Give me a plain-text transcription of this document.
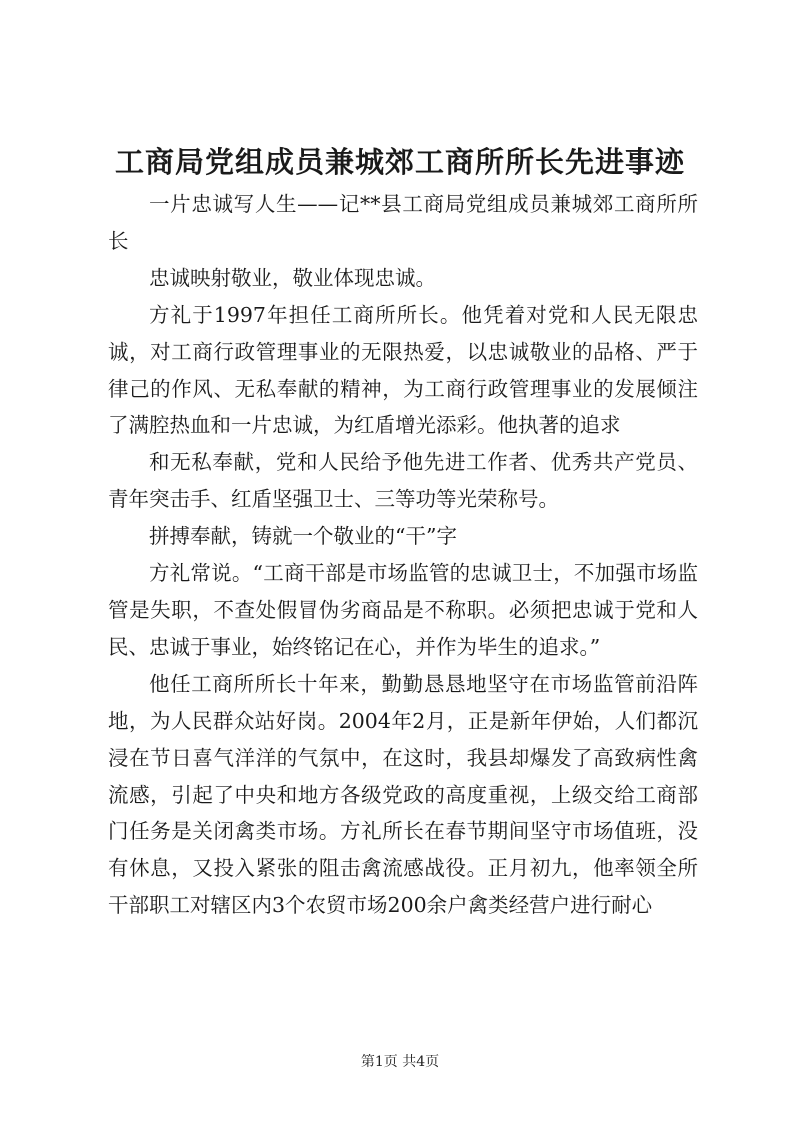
工商局党组成员兼城郊工商所所长先进事迹

一片忠诚写人生——记**县工商局党组成员兼城郊工商所所长

忠诚映射敬业，敬业体现忠诚。

方礼于1997年担任工商所所长。他凭着对党和人民无限忠诚，对工商行政管理事业的无限热爱，以忠诚敬业的品格、严于律己的作风、无私奉献的精神，为工商行政管理事业的发展倾注了满腔热血和一片忠诚，为红盾增光添彩。他执著的追求

和无私奉献，党和人民给予他先进工作者、优秀共产党员、青年突击手、红盾坚强卫士、三等功等光荣称号。

拼搏奉献，铸就一个敬业的“干”字

方礼常说。“工商干部是市场监管的忠诚卫士，不加强市场监管是失职，不查处假冒伪劣商品是不称职。必须把忠诚于党和人民、忠诚于事业，始终铭记在心，并作为毕生的追求。”

他任工商所所长十年来，勤勤恳恳地坚守在市场监管前沿阵地，为人民群众站好岗。2004年2月，正是新年伊始，人们都沉浸在节日喜气洋洋的气氛中，在这时，我县却爆发了高致病性禽流感，引起了中央和地方各级党政的高度重视，上级交给工商部门任务是关闭禽类市场。方礼所长在春节期间坚守市场值班，没有休息，又投入紧张的阻击禽流感战役。正月初九，他率领全所干部职工对辖区内3个农贸市场200余户禽类经营户进行耐心

第1页 共4页
